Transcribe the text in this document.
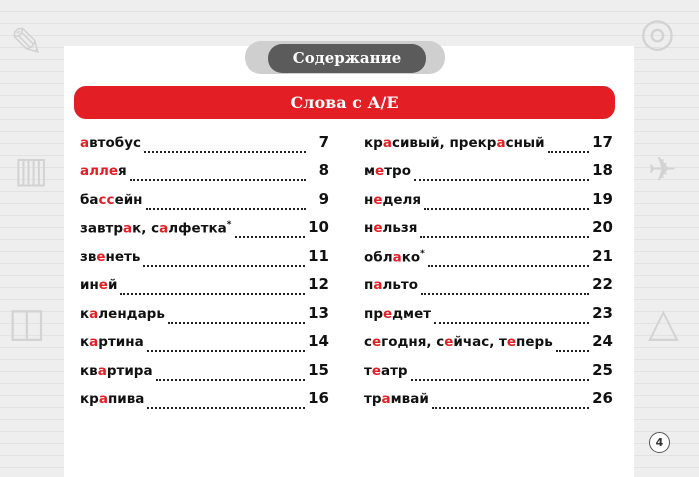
✎
▥
◫
✈
◎
△
Содержание
Слова с А/Е
автобус	7
аллея	8
бассейн	9
завтрак, салфетка*	10
звенеть	11
иней	12
календарь	13
картина	14
квартира	15
крапива	16
красивый, прекрасный	17
метро	18
неделя	19
нельзя	20
облако*	21
пальто	22
предмет	23
сегодня, сейчас, теперь	24
театр	25
трамвай	26
4
